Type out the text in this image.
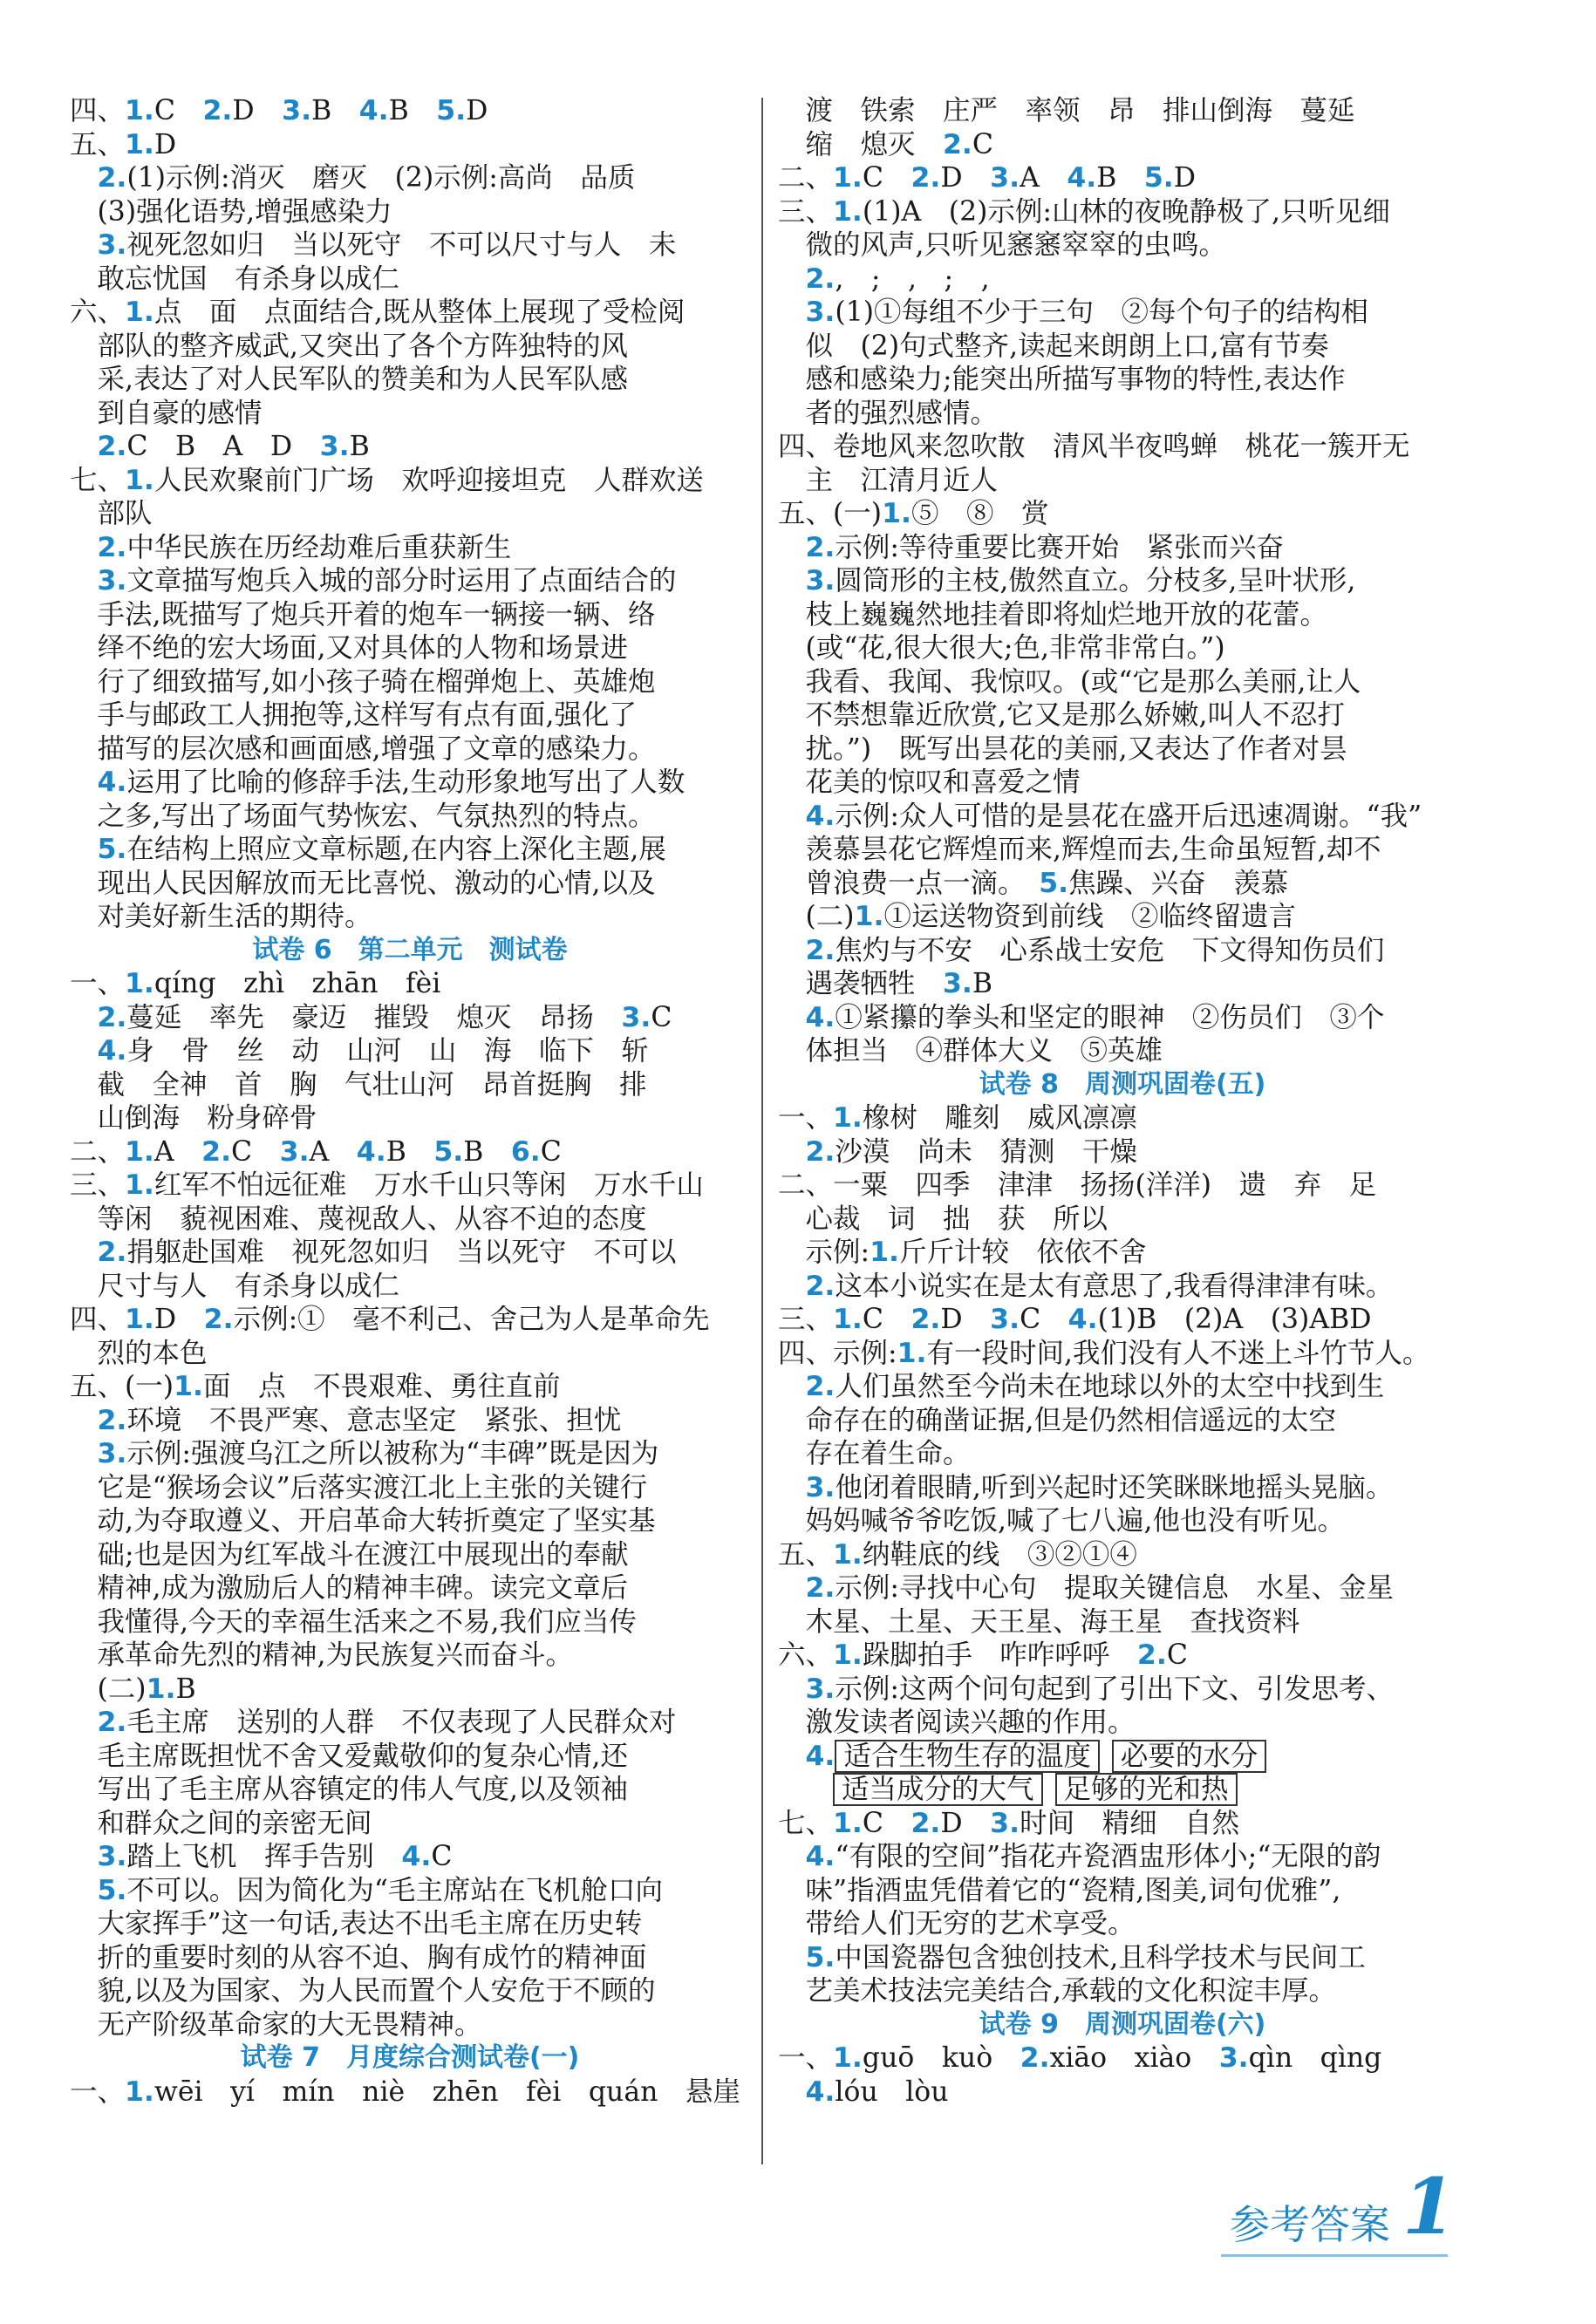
四、1.C　2.D　3.B　4.B　5.D
五、1.D
　2.(1)示例:消灭　磨灭　(2)示例:高尚　品质
　(3)强化语势,增强感染力
　3.视死忽如归　当以死守　不可以尺寸与人　未
　敢忘忧国　有杀身以成仁
六、1.点　面　点面结合,既从整体上展现了受检阅
　部队的整齐威武,又突出了各个方阵独特的风
　采,表达了对人民军队的赞美和为人民军队感
　到自豪的感情
　2.C　B　A　D　3.B
七、1.人民欢聚前门广场　欢呼迎接坦克　人群欢送
　部队
　2.中华民族在历经劫难后重获新生
　3.文章描写炮兵入城的部分时运用了点面结合的
　手法,既描写了炮兵开着的炮车一辆接一辆、络
　绎不绝的宏大场面,又对具体的人物和场景进
　行了细致描写,如小孩子骑在榴弹炮上、英雄炮
　手与邮政工人拥抱等,这样写有点有面,强化了
　描写的层次感和画面感,增强了文章的感染力。
　4.运用了比喻的修辞手法,生动形象地写出了人数
　之多,写出了场面气势恢宏、气氛热烈的特点。
　5.在结构上照应文章标题,在内容上深化主题,展
　现出人民因解放而无比喜悦、激动的心情,以及
　对美好新生活的期待。
试卷 6　第二单元　测试卷
一、1.qíng　zhì　zhān　fèi
　2.蔓延　率先　豪迈　摧毁　熄灭　昂扬　3.C
　4.身　骨　丝　动　山河　山　海　临下　斩
　截　全神　首　胸　气壮山河　昂首挺胸　排
　山倒海　粉身碎骨
二、1.A　2.C　3.A　4.B　5.B　6.C
三、1.红军不怕远征难　万水千山只等闲　万水千山
　等闲　藐视困难、蔑视敌人、从容不迫的态度
　2.捐躯赴国难　视死忽如归　当以死守　不可以
　尺寸与人　有杀身以成仁
四、1.D　2.示例:①　毫不利己、舍己为人是革命先
　烈的本色
五、(一)1.面　点　不畏艰难、勇往直前
　2.环境　不畏严寒、意志坚定　紧张、担忧
　3.示例:强渡乌江之所以被称为“丰碑”既是因为
　它是“猴场会议”后落实渡江北上主张的关键行
　动,为夺取遵义、开启革命大转折奠定了坚实基
　础;也是因为红军战斗在渡江中展现出的奉献
　精神,成为激励后人的精神丰碑。读完文章后
　我懂得,今天的幸福生活来之不易,我们应当传
　承革命先烈的精神,为民族复兴而奋斗。
　(二)1.B
　2.毛主席　送别的人群　不仅表现了人民群众对
　毛主席既担忧不舍又爱戴敬仰的复杂心情,还
　写出了毛主席从容镇定的伟人气度,以及领袖
　和群众之间的亲密无间
　3.踏上飞机　挥手告别　4.C
　5.不可以。因为简化为“毛主席站在飞机舱口向
　大家挥手”这一句话,表达不出毛主席在历史转
　折的重要时刻的从容不迫、胸有成竹的精神面
　貌,以及为国家、为人民而置个人安危于不顾的
　无产阶级革命家的大无畏精神。
试卷 7　月度综合测试卷(一)
一、1.wēi　yí　mín　niè　zhēn　fèi　quán　悬崖
　渡　铁索　庄严　率领　昂　排山倒海　蔓延
　缩　熄灭　2.C
二、1.C　2.D　3.A　4.B　5.D
三、1.(1)A　(2)示例:山林的夜晚静极了,只听见细
　微的风声,只听见窸窸窣窣的虫鸣。
　2.,　;　,　;　,
　3.(1)①每组不少于三句　②每个句子的结构相
　似　(2)句式整齐,读起来朗朗上口,富有节奏
　感和感染力;能突出所描写事物的特性,表达作
　者的强烈感情。
四、卷地风来忽吹散　清风半夜鸣蝉　桃花一簇开无
　主　江清月近人
五、(一)1.⑤　⑧　赏
　2.示例:等待重要比赛开始　紧张而兴奋
　3.圆筒形的主枝,傲然直立。分枝多,呈叶状形,
　枝上巍巍然地挂着即将灿烂地开放的花蕾。
　(或“花,很大很大;色,非常非常白。”)
　我看、我闻、我惊叹。(或“它是那么美丽,让人
　不禁想靠近欣赏,它又是那么娇嫩,叫人不忍打
　扰。”)　既写出昙花的美丽,又表达了作者对昙
　花美的惊叹和喜爱之情
　4.示例:众人可惜的是昙花在盛开后迅速凋谢。“我”
　羡慕昙花它辉煌而来,辉煌而去,生命虽短暂,却不
　曾浪费一点一滴。　5.焦躁、兴奋　羡慕
　(二)1.①运送物资到前线　②临终留遗言
　2.焦灼与不安　心系战士安危　下文得知伤员们
　遇袭牺牲　3.B
　4.①紧攥的拳头和坚定的眼神　②伤员们　③个
　体担当　④群体大义　⑤英雄
试卷 8　周测巩固卷(五)
一、1.橡树　雕刻　威风凛凛
　2.沙漠　尚未　猜测　干燥
二、一粟　四季　津津　扬扬(洋洋)　遗　弃　足
　心裁　词　拙　获　所以
　示例:1.斤斤计较　依依不舍
　2.这本小说实在是太有意思了,我看得津津有味。
三、1.C　2.D　3.C　4.(1)B　(2)A　(3)ABD
四、示例:1.有一段时间,我们没有人不迷上斗竹节人。
　2.人们虽然至今尚未在地球以外的太空中找到生
　命存在的确凿证据,但是仍然相信遥远的太空
　存在着生命。
　3.他闭着眼睛,听到兴起时还笑眯眯地摇头晃脑。
　妈妈喊爷爷吃饭,喊了七八遍,他也没有听见。
五、1.纳鞋底的线　③②①④
　2.示例:寻找中心句　提取关键信息　水星、金星
　木星、土星、天王星、海王星　查找资料
六、1.跺脚拍手　咋咋呼呼　2.C
　3.示例:这两个问句起到了引出下文、引发思考、
　激发读者阅读兴趣的作用。
　4. 适合生物生存的温度 必要的水分
　　适当成分的大气 足够的光和热
七、1.C　2.D　3.时间　精细　自然
　4.“有限的空间”指花卉瓷酒盅形体小;“无限的韵
　味”指酒盅凭借着它的“瓷精,图美,词句优雅”,
　带给人们无穷的艺术享受。
　5.中国瓷器包含独创技术,且科学技术与民间工
　艺美术技法完美结合,承载的文化积淀丰厚。
试卷 9　周测巩固卷(六)
一、1.guō　kuò　2.xiāo　xiào　3.qìn　qìng
　4.lóu　lòu
参考答案 1
